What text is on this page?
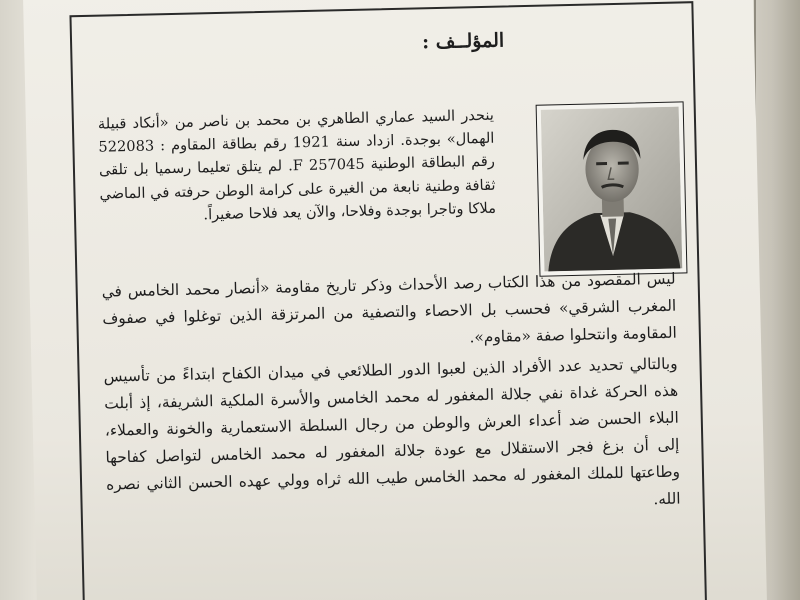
المؤلــف :
ينحدر السيد عماري الطاهري بن محمد بن ناصر من «أنكاد قبيلة الهمال» بوجدة. ازداد سنة 1921 رقم بطاقة المقاوم : 522083 رقم البطاقة الوطنية F 257045. لم يتلق تعليما رسميا بل تلقى ثقافة وطنية نابعة من الغيرة على كرامة الوطن حرفته في الماضي ملاكا وتاجرا بوجدة وفلاحا، والآن يعد فلاحا صغيراً.

ليس المقصود من هذا الكتاب رصد الأحداث وذكر تاريخ مقاومة «أنصار محمد الخامس في المغرب الشرقي» فحسب بل الاحصاء والتصفية من المرتزقة الذين توغلوا في صفوف المقاومة وانتحلوا صفة «مقاوم».

وبالتالي تحديد عدد الأفراد الذين لعبوا الدور الطلائعي في ميدان الكفاح ابتداءً من تأسيس هذه الحركة غداة نفي جلالة المغفور له محمد الخامس والأسرة الملكية الشريفة، إذ أبلت البلاء الحسن ضد أعداء العرش والوطن من رجال السلطة الاستعمارية والخونة والعملاء، إلى أن بزغ فجر الاستقلال مع عودة جلالة المغفور له محمد الخامس لتواصل كفاحها وطاعتها للملك المغفور له محمد الخامس طيب الله ثراه وولي عهده الحسن الثاني نصره الله.
